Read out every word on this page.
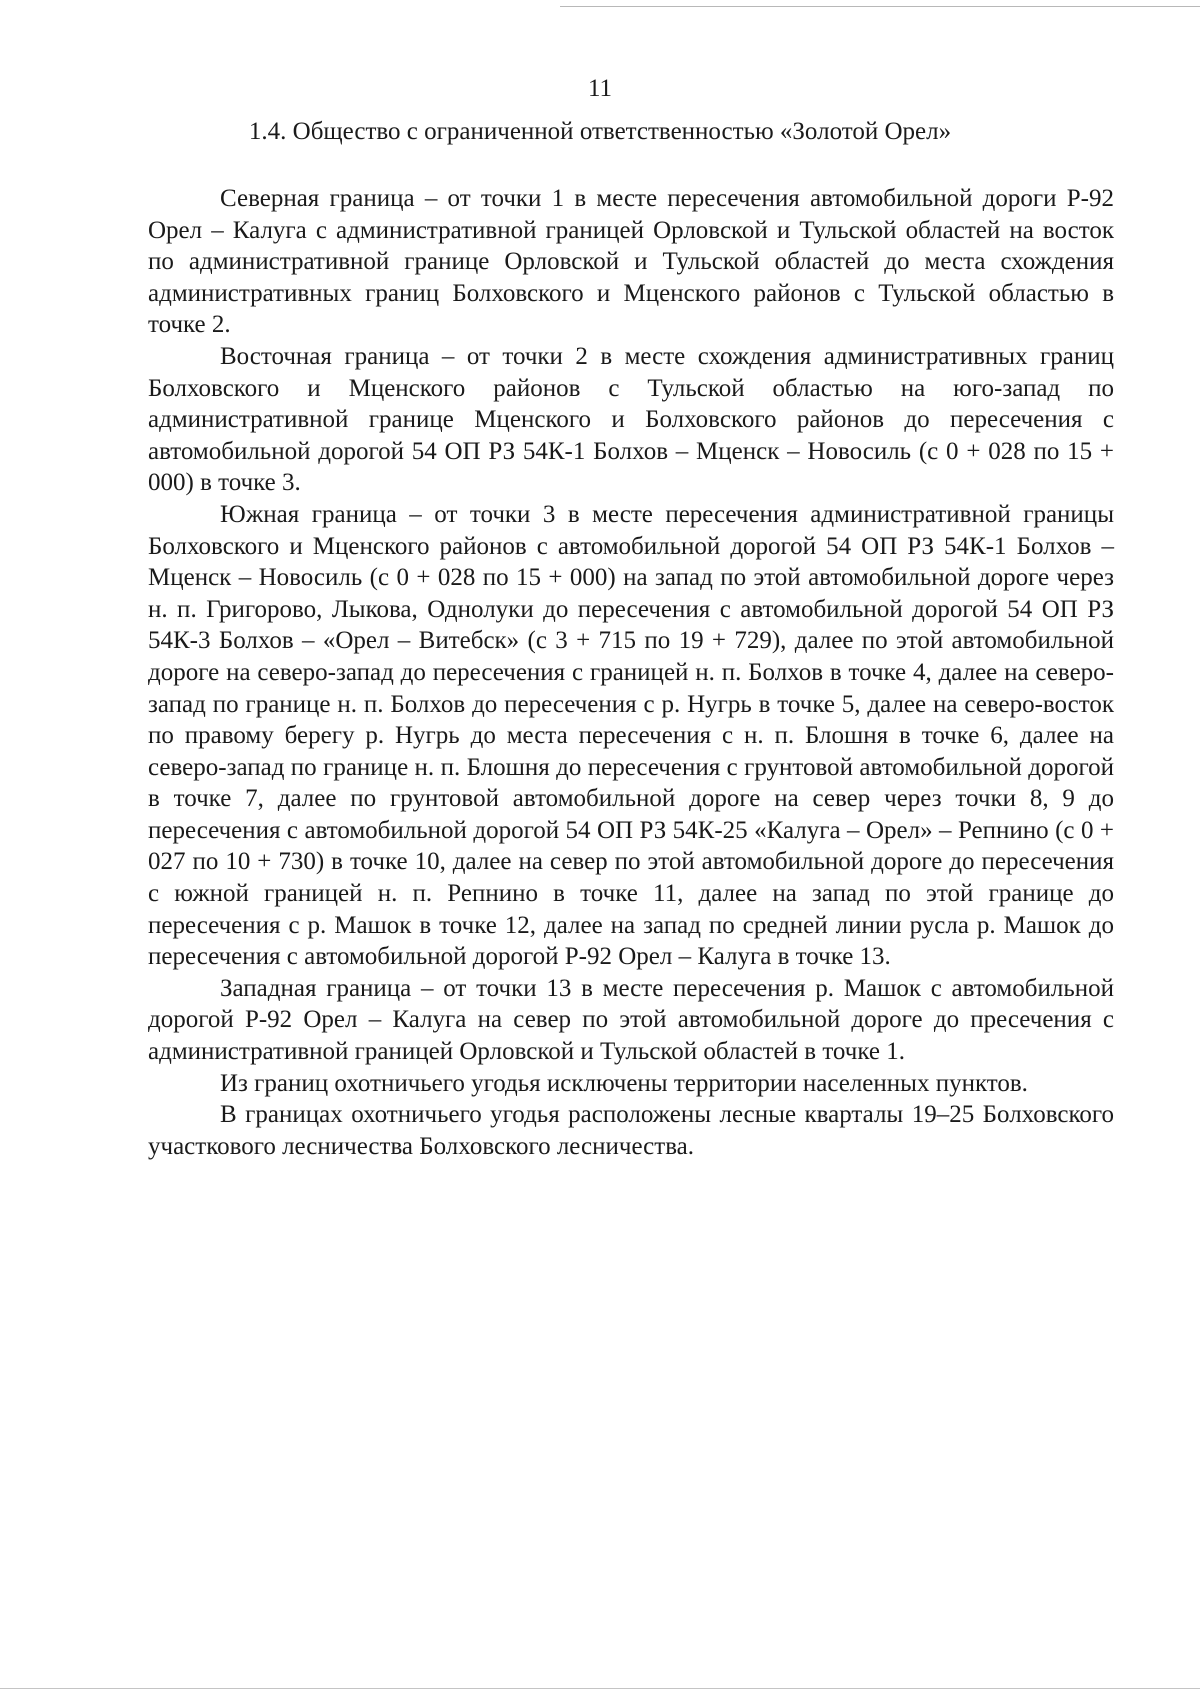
11
1.4. Общество с ограниченной ответственностью «Золотой Орел»

Северная граница – от точки 1 в месте пересечения автомобильной дороги Р-92 Орел – Калуга с административной границей Орловской и Тульской областей на восток по административной границе Орловской и Тульской областей до места схождения административных границ Болховского и Мценского районов с Тульской областью в точке 2.

Восточная граница – от точки 2 в месте схождения административных границ Болховского и Мценского районов с Тульской областью на юго-запад по административной границе Мценского и Болховского районов до пересечения с автомобильной дорогой 54 ОП РЗ 54К-1 Болхов – Мценск – Новосиль (с 0 + 028 по 15 + 000) в точке 3.

Южная граница – от точки 3 в месте пересечения административной границы Болховского и Мценского районов с автомобильной дорогой 54 ОП РЗ 54К-1 Болхов – Мценск – Новосиль (с 0 + 028 по 15 + 000) на запад по этой автомобильной дороге через н. п. Григорово, Лыкова, Однолуки до пересечения с автомобильной дорогой 54 ОП РЗ 54К-3 Болхов – «Орел – Витебск» (с 3 + 715 по 19 + 729), далее по этой автомобильной дороге на северо-запад до пересечения с границей н. п. Болхов в точке 4, далее на северо-запад по границе н. п. Болхов до пересечения с р. Нугрь в точке 5, далее на северо-восток по правому берегу р. Нугрь до места пересечения с н. п. Блошня в точке 6, далее на северо-запад по границе н. п. Блошня до пересечения с грунтовой автомобильной дорогой в точке 7, далее по грунтовой автомобильной дороге на север через точки 8, 9 до пересечения с автомобильной дорогой 54 ОП РЗ 54К-25 «Калуга – Орел» – Репнино (с 0 + 027 по 10 + 730) в точке 10, далее на север по этой автомобильной дороге до пересечения с южной границей н. п. Репнино в точке 11, далее на запад по этой границе до пересечения с р. Машок в точке 12, далее на запад по средней линии русла р. Машок до пересечения с автомобильной дорогой Р-92 Орел – Калуга в точке 13.

Западная граница – от точки 13 в месте пересечения р. Машок с автомобильной дорогой Р-92 Орел – Калуга на север по этой автомобильной дороге до пресечения с административной границей Орловской и Тульской областей в точке 1.

Из границ охотничьего угодья исключены территории населенных пунктов.

В границах охотничьего угодья расположены лесные кварталы 19–25 Болховского участкового лесничества Болховского лесничества.
